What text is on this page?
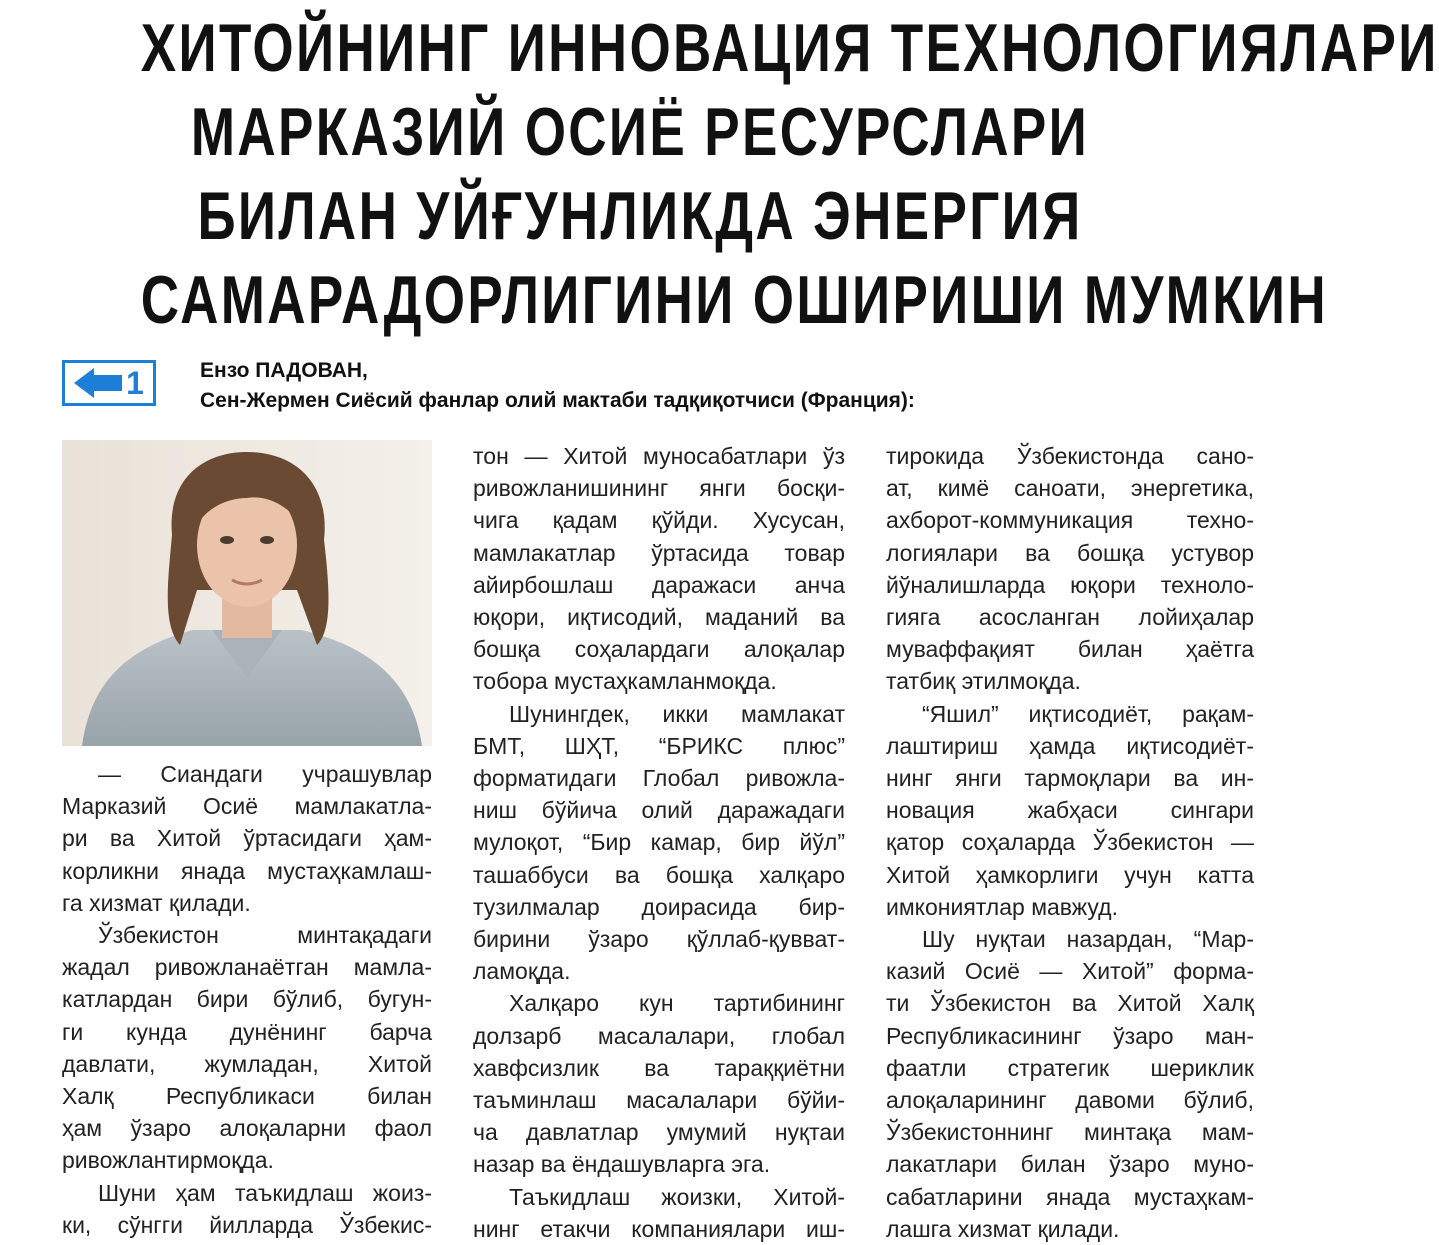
ХИТОЙНИНГ ИННОВАЦИЯ ТЕХНОЛОГИЯЛАРИ
МАРКАЗИЙ ОСИЁ РЕСУРСЛАРИ
БИЛАН УЙҒУНЛИКДА ЭНЕРГИЯ
САМАРАДОРЛИГИНИ ОШИРИШИ МУМКИН
1	Ензо ПАДОВАН,
Сен-Жермен Сиёсий фанлар олий мактаби тадқиқотчиси (Франция):
— Сиандаги учрашувлар
Марказий Осиё мамлакатла-
ри ва Хитой ўртасидаги ҳам-
корликни янада мустаҳкамлаш-
га хизмат қилади.
Ўзбекистон минтақадаги
жадал ривожланаётган мамла-
катлардан бири бўлиб, бугун-
ги кунда дунёнинг барча
давлати, жумладан, Хитой
Халқ Республикаси билан
ҳам ўзаро алоқаларни фаол
ривожлантирмоқда.
Шуни ҳам таъкидлаш жоиз-
ки, сўнгги йилларда Ўзбекис-
тон — Хитой муносабатлари ўз
ривожланишининг янги босқи-
чига қадам қўйди. Хусусан,
мамлакатлар ўртасида товар
айирбошлаш даражаси анча
юқори, иқтисодий, маданий ва
бошқа соҳалардаги алоқалар
тобора мустаҳкамланмоқда.
Шунингдек, икки мамлакат
БМТ, ШҲТ, “БРИКС плюс”
форматидаги Глобал ривожла-
ниш бўйича олий даражадаги
мулоқот, “Бир камар, бир йўл”
ташаббуси ва бошқа халқаро
тузилмалар доирасида бир-
бирини ўзаро қўллаб-қувват-
ламоқда.
Халқаро кун тартибининг
долзарб масалалари, глобал
хавфсизлик ва тараққиётни
таъминлаш масалалари бўйи-
ча давлатлар умумий нуқтаи
назар ва ёндашувларга эга.
Таъкидлаш жоизки, Хитой-
нинг етакчи компаниялари иш-
тирокида Ўзбекистонда сано-
ат, кимё саноати, энергетика,
ахборот-коммуникация техно-
логиялари ва бошқа устувор
йўналишларда юқори техноло-
гияга асосланган лойиҳалар
муваффақият билан ҳаётга
татбиқ этилмоқда.
“Яшил” иқтисодиёт, рақам-
лаштириш ҳамда иқтисодиёт-
нинг янги тармоқлари ва ин-
новация жабҳаси сингари
қатор соҳаларда Ўзбекистон —
Хитой ҳамкорлиги учун катта
имкониятлар мавжуд.
Шу нуқтаи назардан, “Мар-
казий Осиё — Хитой” форма-
ти Ўзбекистон ва Хитой Халқ
Республикасининг ўзаро ман-
фаатли стратегик шериклик
алоқаларининг давоми бўлиб,
Ўзбекистоннинг минтақа мам-
лакатлари билан ўзаро муно-
сабатларини янада мустаҳкам-
лашга хизмат қилади.
